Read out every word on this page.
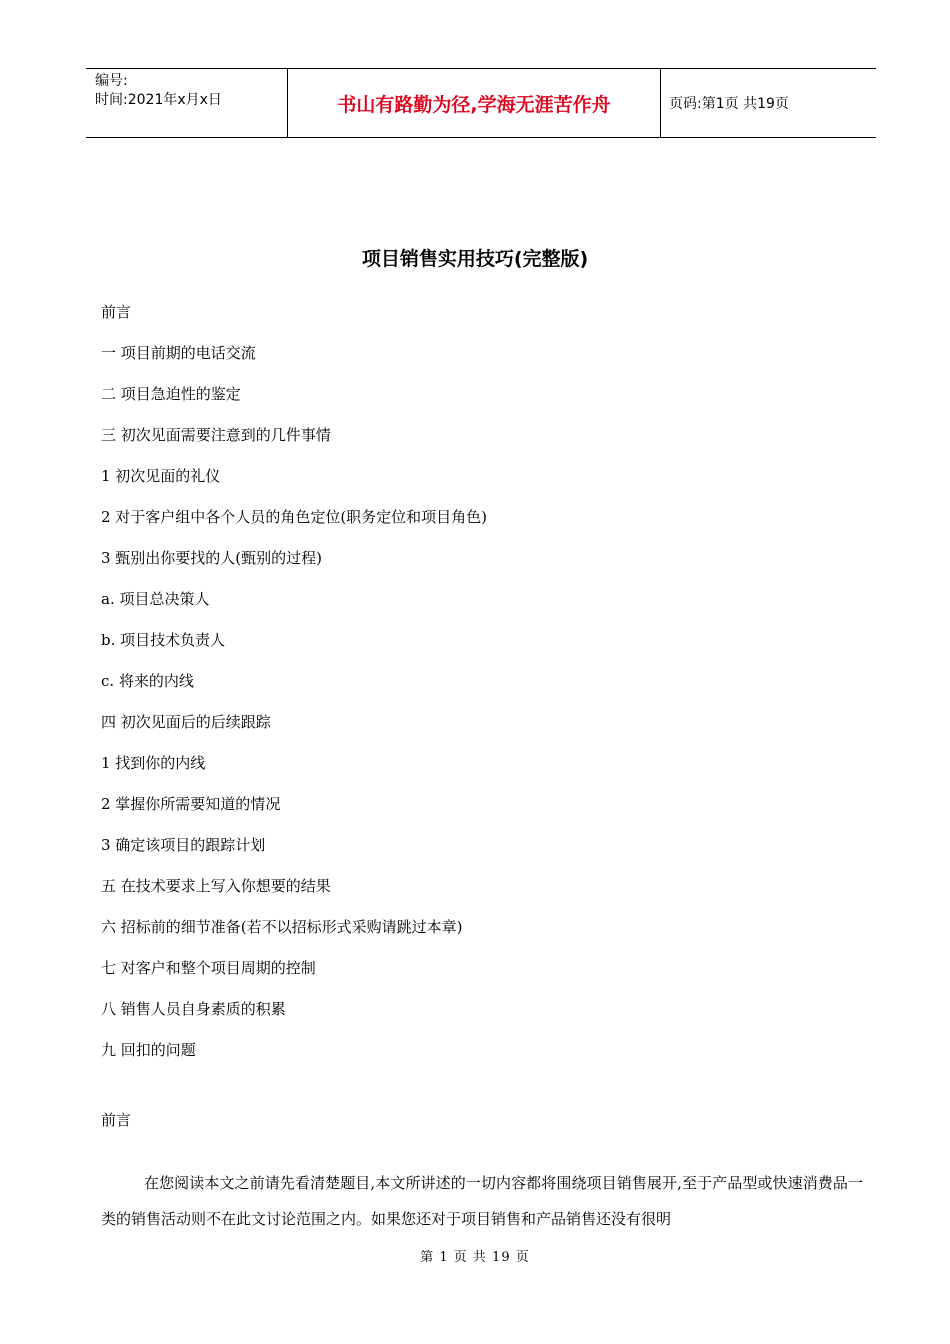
编号:
时间:2021年x月x日	书山有路勤为径,学海无涯苦作舟	页码:第1页 共19页
项目销售实用技巧(完整版)
前言
一 项目前期的电话交流
二 项目急迫性的鉴定
三 初次见面需要注意到的几件事情
1 初次见面的礼仪
2 对于客户组中各个人员的角色定位(职务定位和项目角色)
3 甄别出你要找的人(甄别的过程)
a. 项目总决策人
b. 项目技术负责人
c. 将来的内线
四 初次见面后的后续跟踪
1 找到你的内线
2 掌握你所需要知道的情况
3 确定该项目的跟踪计划
五 在技术要求上写入你想要的结果
六 招标前的细节准备(若不以招标形式采购请跳过本章)
七 对客户和整个项目周期的控制
八 销售人员自身素质的积累
九 回扣的问题
前言

在您阅读本文之前请先看清楚题目,本文所讲述的一切内容都将围绕项目销售展开,至于产品型或快速消费品一类的销售活动则不在此文讨论范围之内。如果您还对于项目销售和产品销售还没有很明

第 1 页 共 19 页
